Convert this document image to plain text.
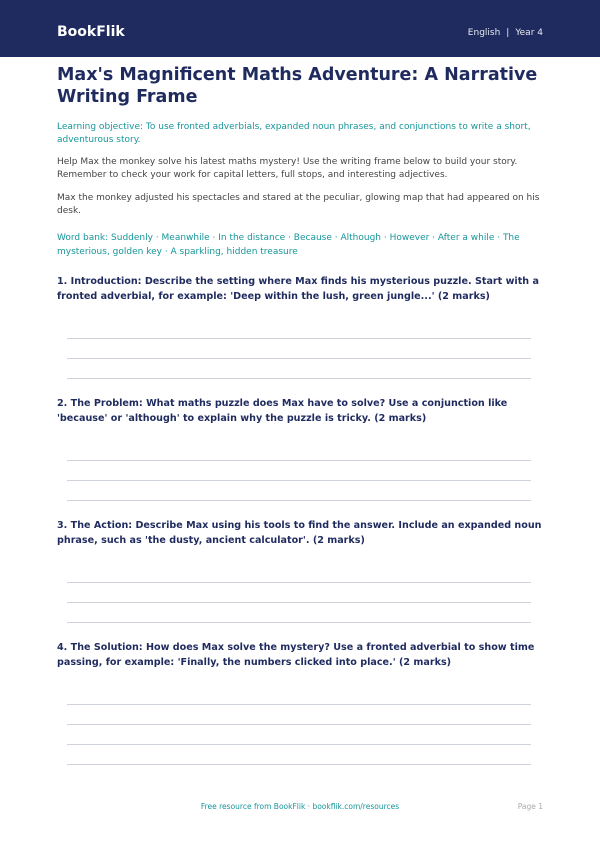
BookFlik	English | Year 4
Max's Magnificent Maths Adventure: A Narrative Writing Frame

Learning objective: To use fronted adverbials, expanded noun phrases, and conjunctions to write a short, adventurous story.

Help Max the monkey solve his latest maths mystery! Use the writing frame below to build your story. Remember to check your work for capital letters, full stops, and interesting adjectives.

Max the monkey adjusted his spectacles and stared at the peculiar, glowing map that had appeared on his desk.

Word bank: Suddenly · Meanwhile · In the distance · Because · Although · However · After a while · The mysterious, golden key · A sparkling, hidden treasure

1. Introduction: Describe the setting where Max finds his mysterious puzzle. Start with a fronted adverbial, for example: 'Deep within the lush, green jungle...' (2 marks)

2. The Problem: What maths puzzle does Max have to solve? Use a conjunction like 'because' or 'although' to explain why the puzzle is tricky. (2 marks)

3. The Action: Describe Max using his tools to find the answer. Include an expanded noun phrase, such as 'the dusty, ancient calculator'. (2 marks)

4. The Solution: How does Max solve the mystery? Use a fronted adverbial to show time passing, for example: 'Finally, the numbers clicked into place.' (2 marks)

Free resource from BookFlik · bookflik.com/resources	Page 1
